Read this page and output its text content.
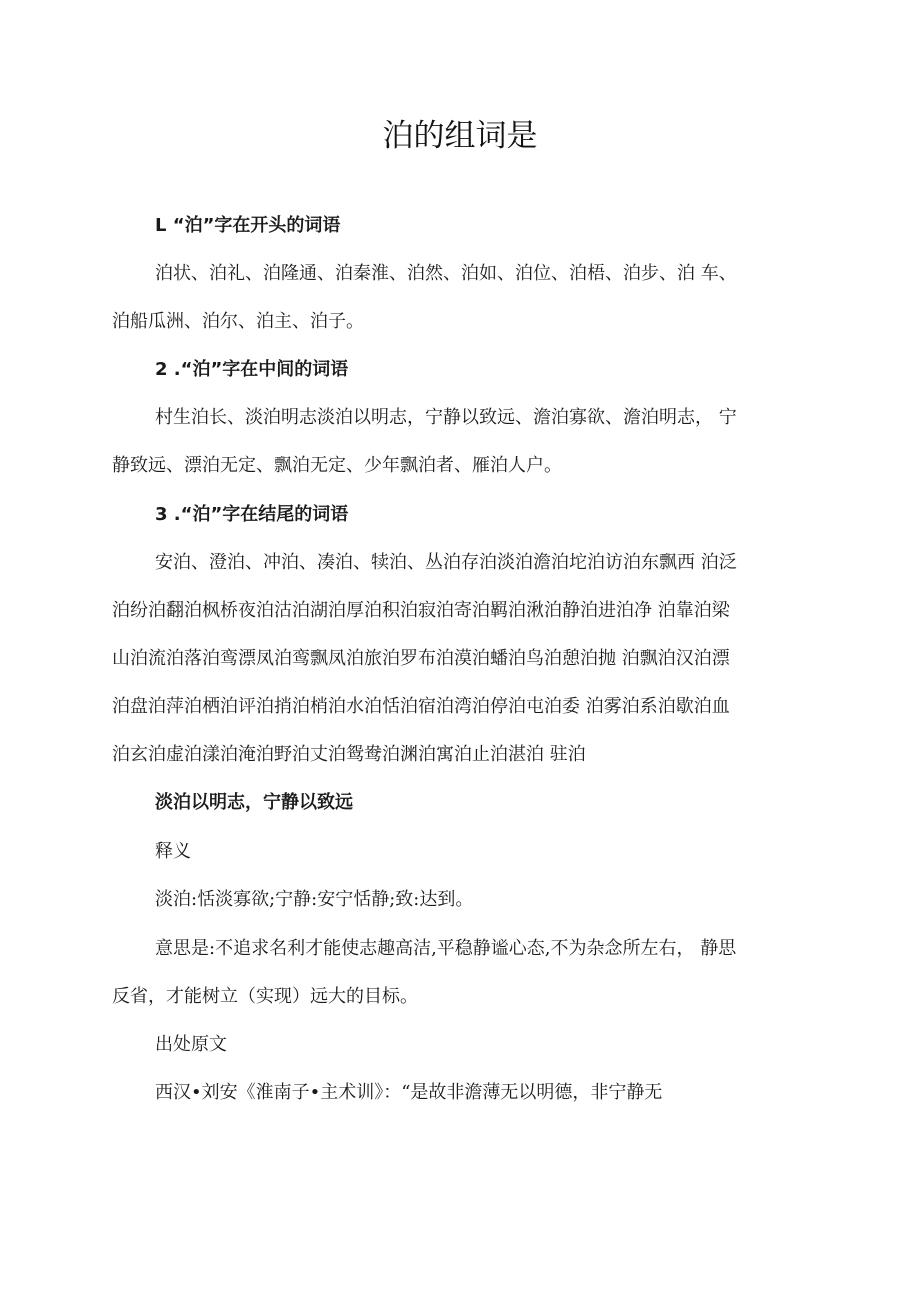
泊的组词是
L “泊”字在开头的词语
泊状、泊礼、泊隆通、泊秦淮、泊然、泊如、泊位、泊梧、泊步、泊 车、
泊船瓜洲、泊尔、泊主、泊子。
2 .“泊”字在中间的词语
村生泊长、淡泊明志淡泊以明志，宁静以致远、澹泊寡欲、澹泊明志， 宁
静致远、漂泊无定、飘泊无定、少年飘泊者、雁泊人户。
3 .“泊”字在结尾的词语
安泊、澄泊、冲泊、凑泊、犊泊、丛泊存泊淡泊澹泊坨泊访泊东飘西 泊泛
泊纷泊翻泊枫桥夜泊沽泊湖泊厚泊积泊寂泊寄泊羁泊湫泊静泊进泊净 泊靠泊梁
山泊流泊落泊鸾漂凤泊鸾飘凤泊旅泊罗布泊漠泊蟠泊鸟泊憩泊抛 泊飘泊汉泊漂
泊盘泊萍泊栖泊评泊捎泊梢泊水泊恬泊宿泊湾泊停泊屯泊委 泊雾泊系泊歇泊血
泊玄泊虚泊漾泊淹泊野泊丈泊鸳鸯泊渊泊寓泊止泊湛泊 驻泊
淡泊以明志，宁静以致远
释义
淡泊:恬淡寡欲;宁静:安宁恬静;致:达到。
意思是:不追求名利才能使志趣高洁,平稳静谧心态,不为杂念所左右， 静思
反省，才能树立（实现）远大的目标。
出处原文
西汉•刘安《淮南子•主术训》：“是故非澹薄无以明德，非宁静无
